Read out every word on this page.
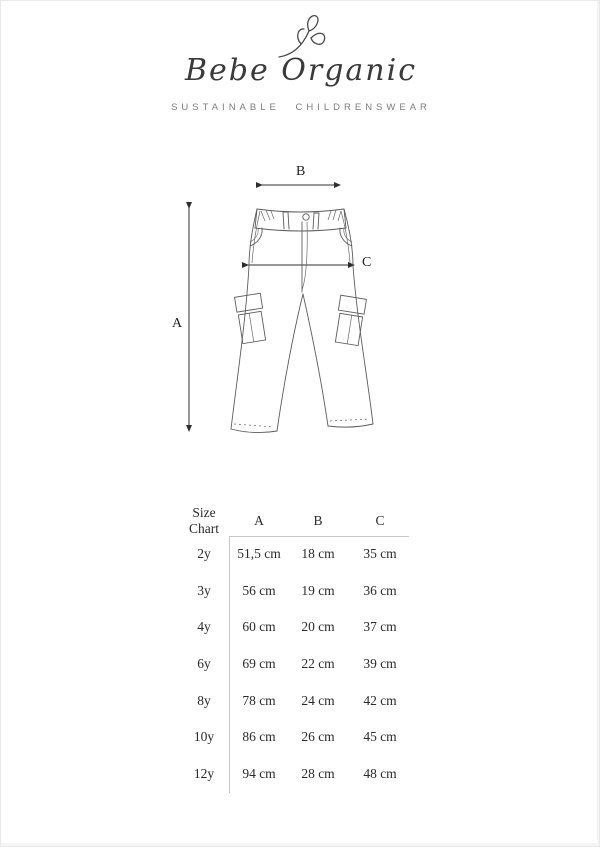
Bebe Organic
SUSTAINABLE CHILDRENSWEAR
A
B
C
Size
Chart
A	B	C
2y	51,5 cm	18 cm	35 cm
3y	56 cm	19 cm	36 cm
4y	60 cm	20 cm	37 cm
6y	69 cm	22 cm	39 cm
8y	78 cm	24 cm	42 cm
10y	86 cm	26 cm	45 cm
12y	94 cm	28 cm	48 cm
